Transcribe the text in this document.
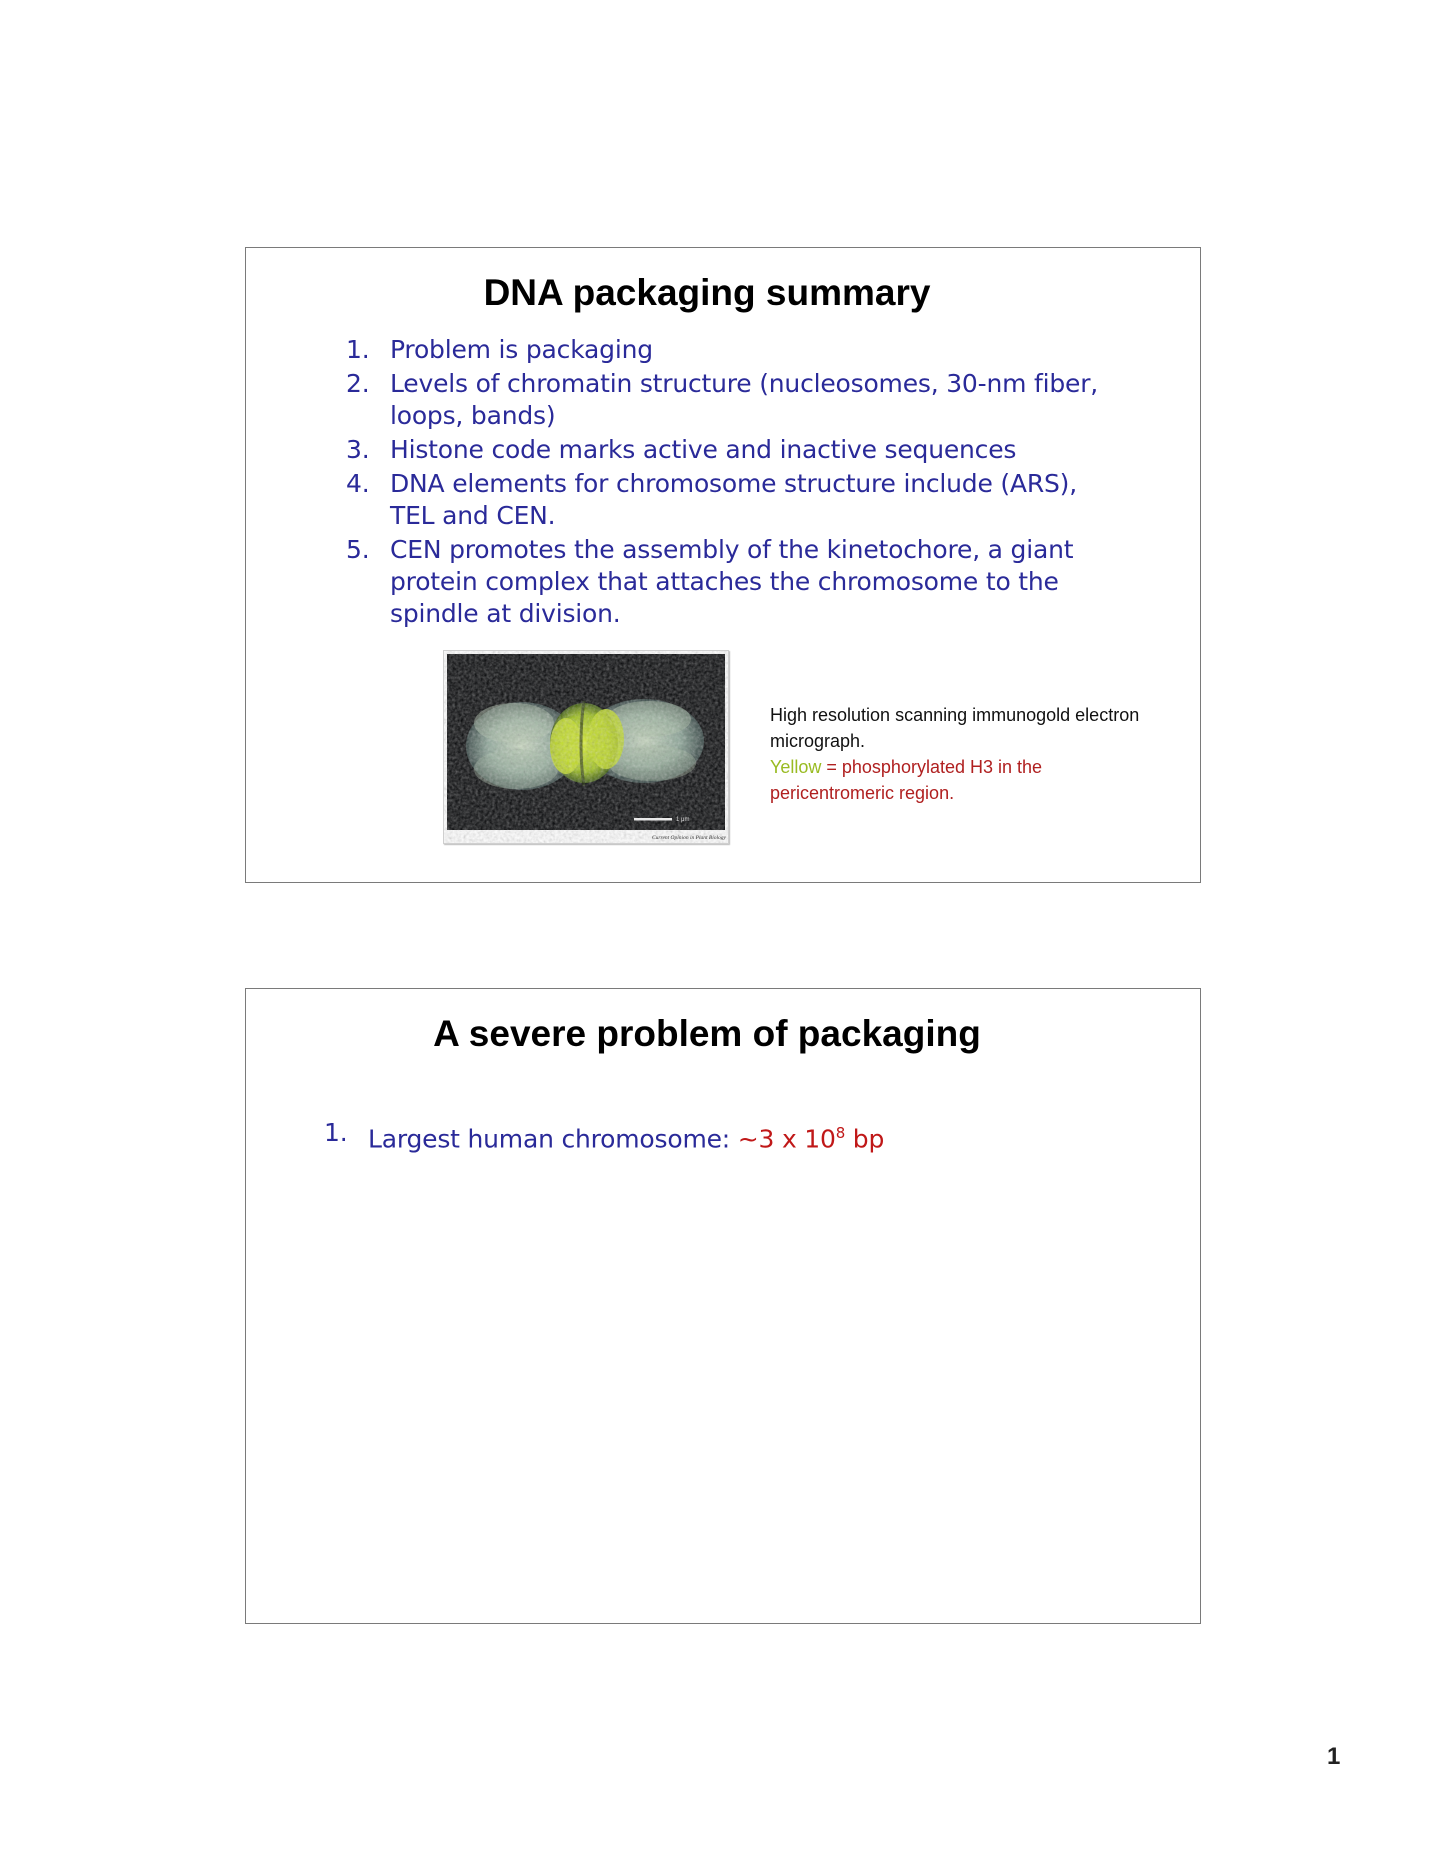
DNA packaging summary
1. Problem is packaging
2. Levels of chromatin structure (nucleosomes, 30-nm fiber, loops, bands)
3. Histone code marks active and inactive sequences
4. DNA elements for chromosome structure include (ARS), TEL and CEN.
5. CEN promotes the assembly of the kinetochore, a giant protein complex that attaches the chromosome to the spindle at division.
1 μm
Current Opinion in Plant Biology
High resolution scanning immunogold electron micrograph.
Yellow = phosphorylated H3 in the pericentromeric region.
A severe problem of packaging
1. Largest human chromosome: ~3 x $10^8$ bp
1
